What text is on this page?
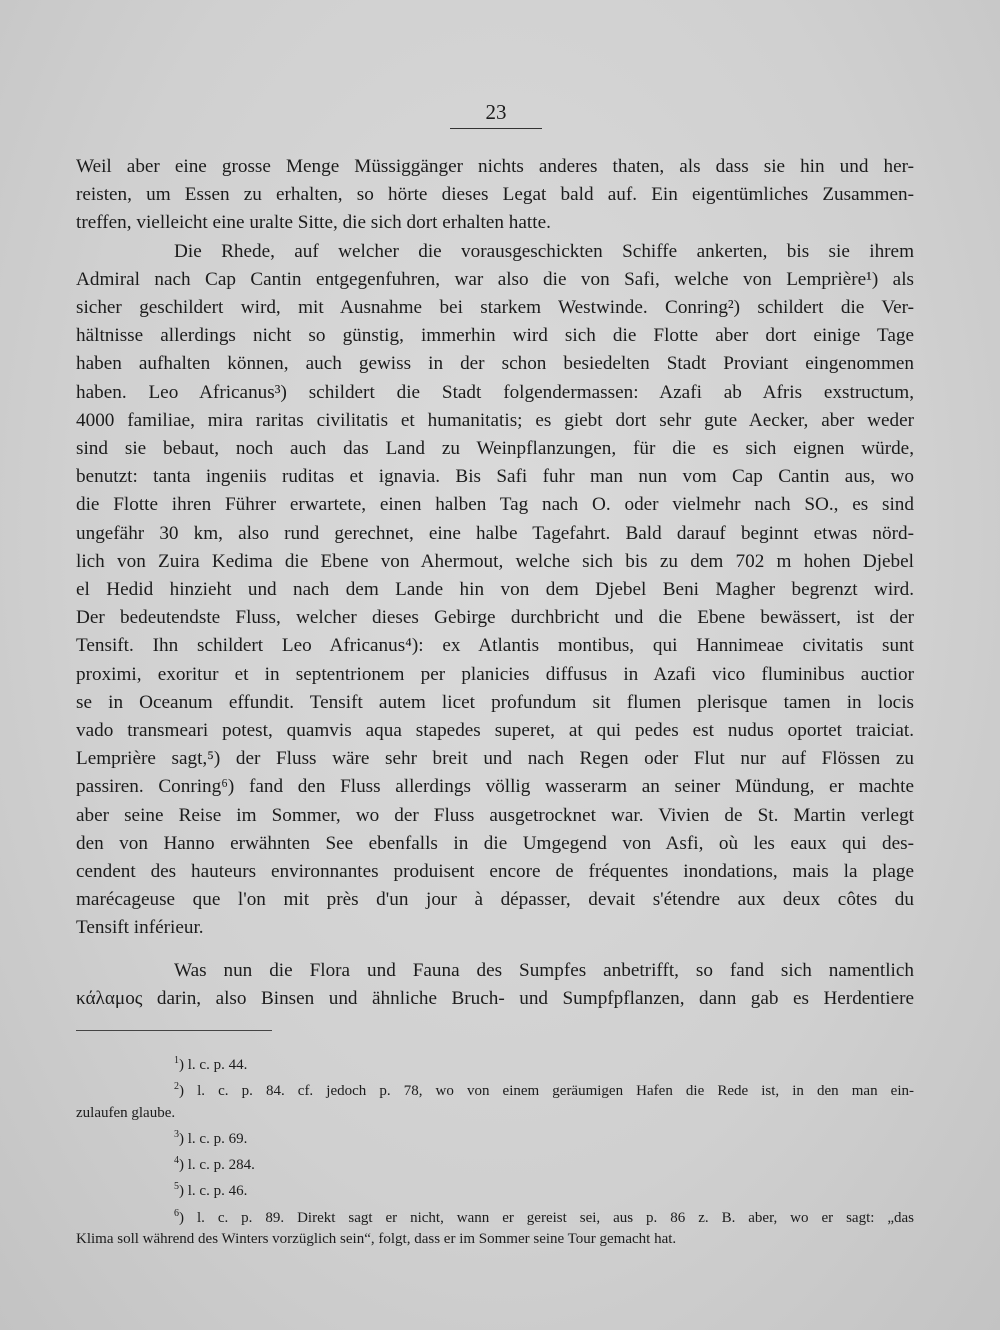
23

Weil aber eine grosse Menge Müssiggänger nichts anderes thaten, als dass sie hin und her-

reisten, um Essen zu erhalten, so hörte dieses Legat bald auf. Ein eigentümliches Zusammen-

treffen, vielleicht eine uralte Sitte, die sich dort erhalten hatte.

Die Rhede, auf welcher die vorausgeschickten Schiffe ankerten, bis sie ihrem

Admiral nach Cap Cantin entgegenfuhren, war also die von Safi, welche von Lemprière¹) als

sicher geschildert wird, mit Ausnahme bei starkem Westwinde. Conring²) schildert die Ver-

hältnisse allerdings nicht so günstig, immerhin wird sich die Flotte aber dort einige Tage

haben aufhalten können, auch gewiss in der schon besiedelten Stadt Proviant eingenommen

haben. Leo Africanus³) schildert die Stadt folgendermassen: Azafi ab Afris exstructum,

4000 familiae, mira raritas civilitatis et humanitatis; es giebt dort sehr gute Aecker, aber weder

sind sie bebaut, noch auch das Land zu Weinpflanzungen, für die es sich eignen würde,

benutzt: tanta ingeniis ruditas et ignavia. Bis Safi fuhr man nun vom Cap Cantin aus, wo

die Flotte ihren Führer erwartete, einen halben Tag nach O. oder vielmehr nach SO., es sind

ungefähr 30 km, also rund gerechnet, eine halbe Tagefahrt. Bald darauf beginnt etwas nörd-

lich von Zuira Kedima die Ebene von Ahermout, welche sich bis zu dem 702 m hohen Djebel

el Hedid hinzieht und nach dem Lande hin von dem Djebel Beni Magher begrenzt wird.

Der bedeutendste Fluss, welcher dieses Gebirge durchbricht und die Ebene bewässert, ist der

Tensift. Ihn schildert Leo Africanus⁴): ex Atlantis montibus, qui Hannimeae civitatis sunt

proximi, exoritur et in septentrionem per planicies diffusus in Azafi vico fluminibus auctior

se in Oceanum effundit. Tensift autem licet profundum sit flumen plerisque tamen in locis

vado transmeari potest, quamvis aqua stapedes superet, at qui pedes est nudus oportet traiciat.

Lemprière sagt,⁵) der Fluss wäre sehr breit und nach Regen oder Flut nur auf Flössen zu

passiren. Conring⁶) fand den Fluss allerdings völlig wasserarm an seiner Mündung, er machte

aber seine Reise im Sommer, wo der Fluss ausgetrocknet war. Vivien de St. Martin verlegt

den von Hanno erwähnten See ebenfalls in die Umgegend von Asfi, où les eaux qui des-

cendent des hauteurs environnantes produisent encore de fréquentes inondations, mais la plage

marécageuse que l'on mit près d'un jour à dépasser, devait s'étendre aux deux côtes du

Tensift inférieur.

Was nun die Flora und Fauna des Sumpfes anbetrifft, so fand sich namentlich

κάλαμος darin, also Binsen und ähnliche Bruch- und Sumpfpflanzen, dann gab es Herdentiere

$^1$) l. c. p. 44.

$^2$) l. c. p. 84. cf. jedoch p. 78, wo von einem geräumigen Hafen die Rede ist, in den man ein-

zulaufen glaube.

$^3$) l. c. p. 69.

$^4$) l. c. p. 284.

$^5$) l. c. p. 46.

$^6$) l. c. p. 89. Direkt sagt er nicht, wann er gereist sei, aus p. 86 z. B. aber, wo er sagt: „das

Klima soll während des Winters vorzüglich sein“, folgt, dass er im Sommer seine Tour gemacht hat.
